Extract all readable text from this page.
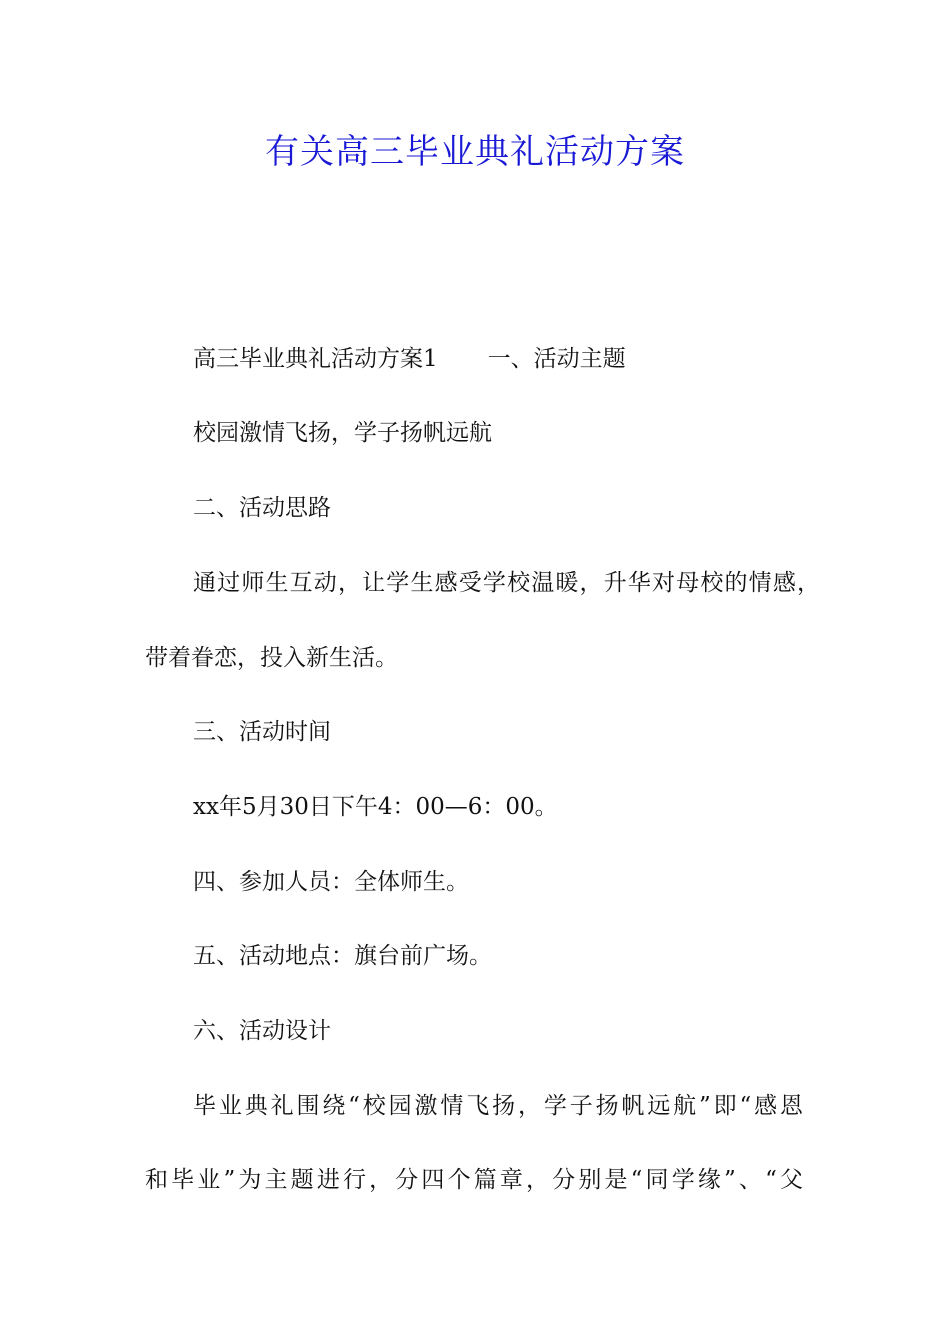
有关高三毕业典礼活动方案

高三毕业典礼活动方案1 一、活动主题

校园激情飞扬，学子扬帆远航

二、活动思路

通过师生互动，让学生感受学校温暖，升华对母校的情感，

带着眷恋，投入新生活。

三、活动时间

xx年5月30日下午4：00—6：00。

四、参加人员：全体师生。

五、活动地点：旗台前广场。

六、活动设计

毕业典礼围绕“校园激情飞扬，学子扬帆远航”即“感恩

和毕业”为主题进行，分四个篇章，分别是“同学缘”、“父
